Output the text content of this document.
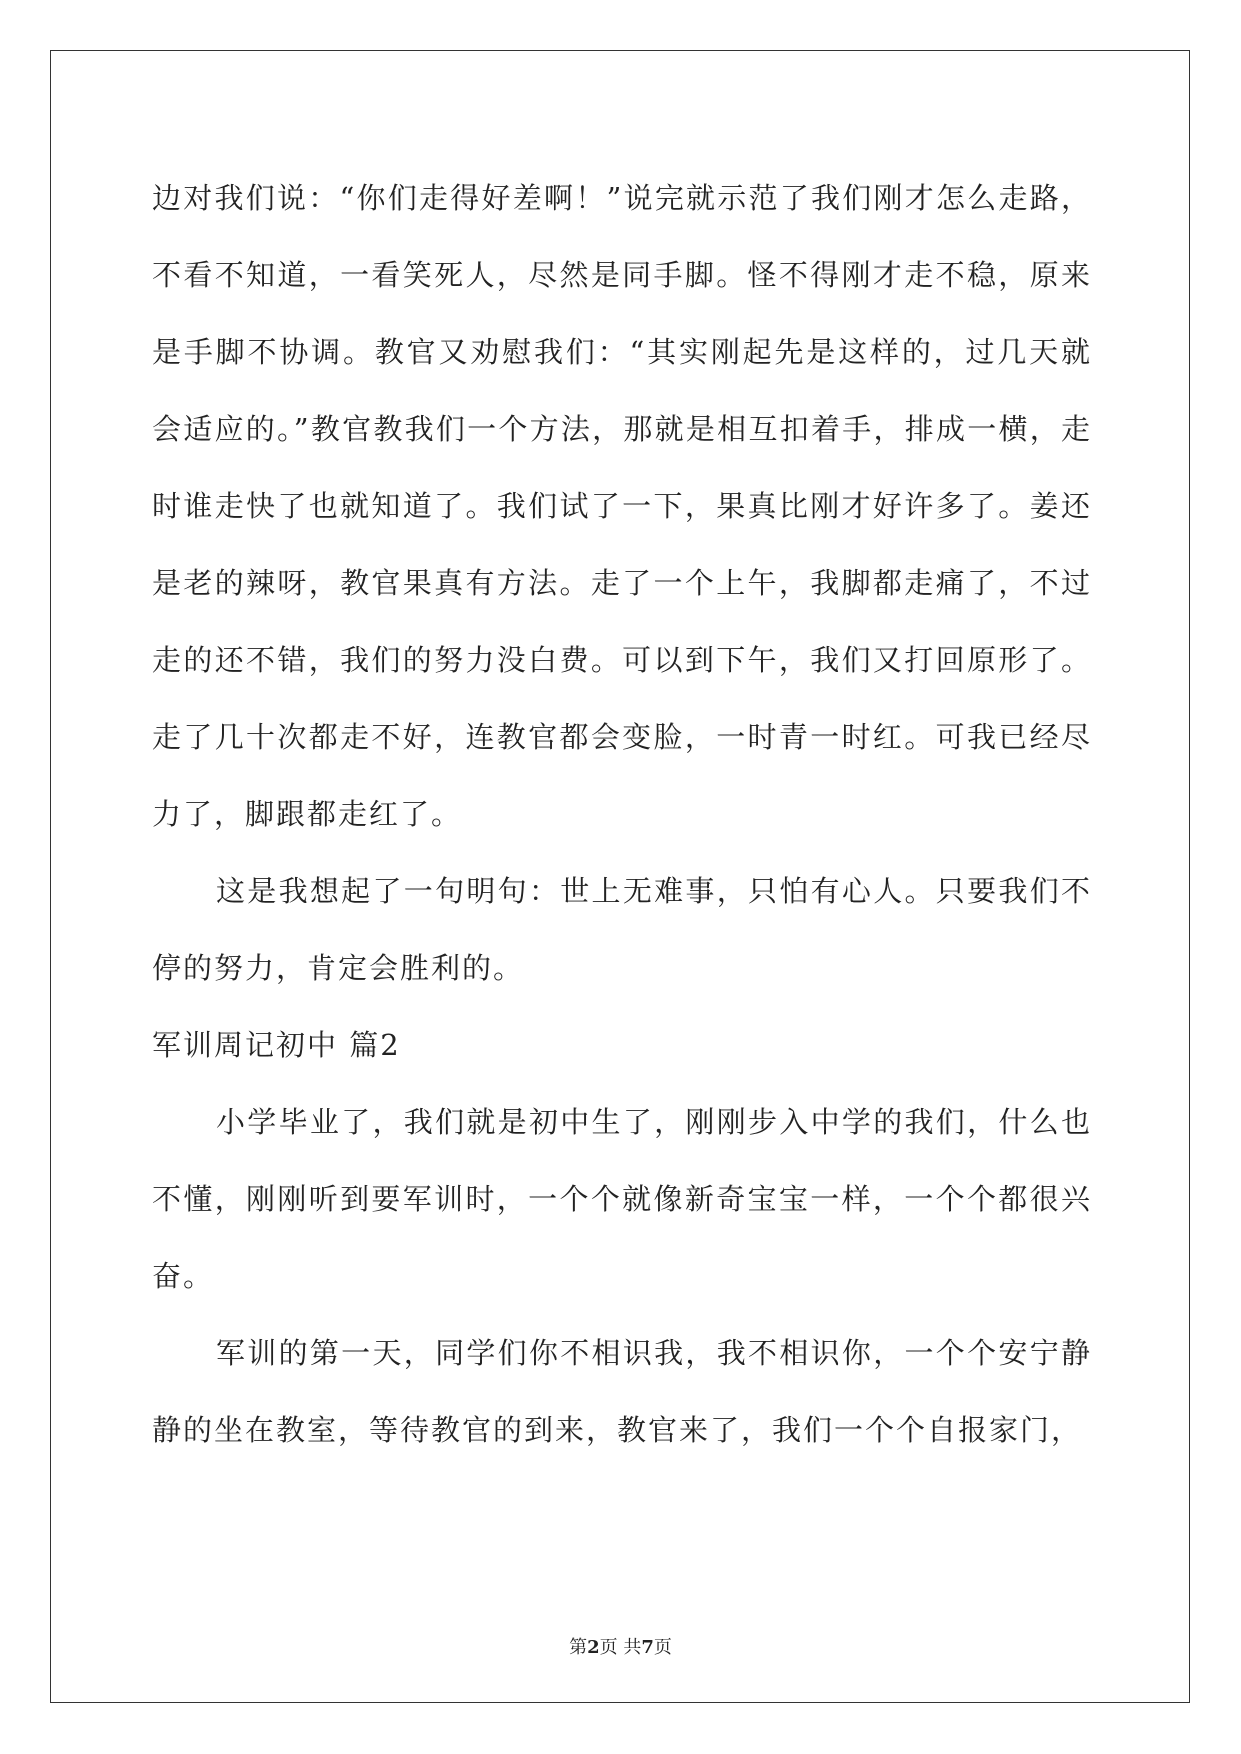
边对我们说：“你们走得好差啊！”说完就示范了我们刚才怎么走路，不看不知道，一看笑死人，尽然是同手脚。怪不得刚才走不稳，原来是手脚不协调。教官又劝慰我们：“其实刚起先是这样的，过几天就会适应的。”教官教我们一个方法，那就是相互扣着手，排成一横，走时谁走快了也就知道了。我们试了一下，果真比刚才好许多了。姜还是老的辣呀，教官果真有方法。走了一个上午，我脚都走痛了，不过走的还不错，我们的努力没白费。可以到下午，我们又打回原形了。走了几十次都走不好，连教官都会变脸，一时青一时红。可我已经尽力了，脚跟都走红了。

这是我想起了一句明句：世上无难事，只怕有心人。只要我们不停的努力，肯定会胜利的。

军训周记初中 篇2

小学毕业了，我们就是初中生了，刚刚步入中学的我们，什么也不懂，刚刚听到要军训时，一个个就像新奇宝宝一样，一个个都很兴奋。

军训的第一天，同学们你不相识我，我不相识你，一个个安宁静静的坐在教室，等待教官的到来，教官来了，我们一个个自报家门，

第2页 共7页
